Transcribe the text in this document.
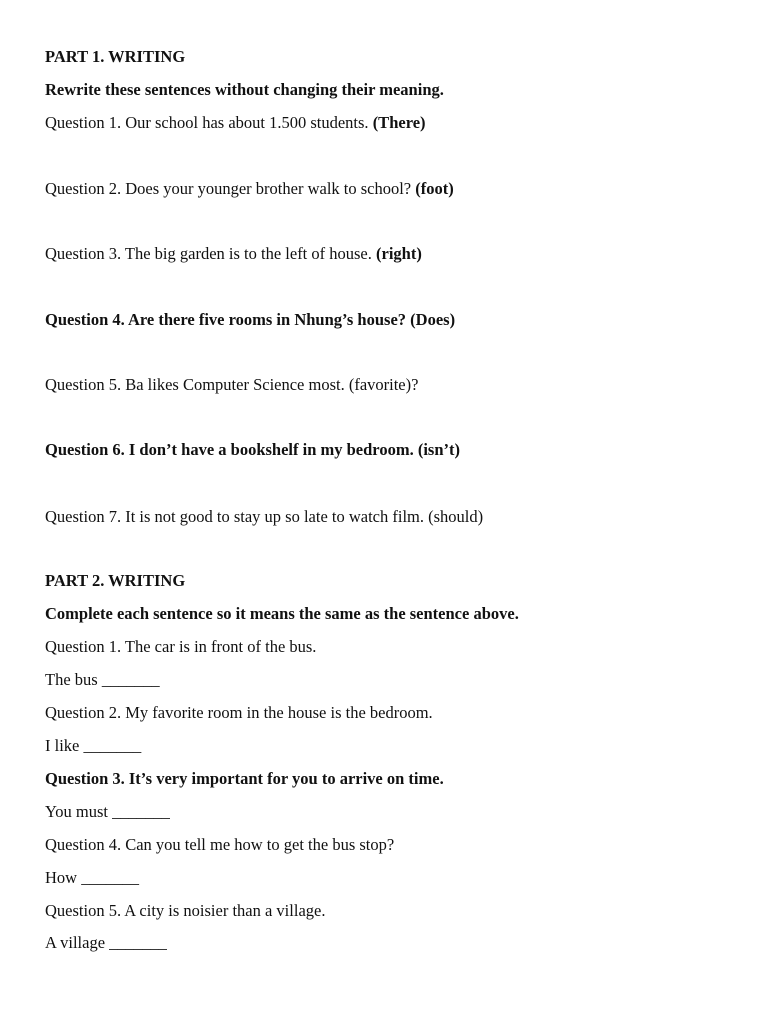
PART 1. WRITING

Rewrite these sentences without changing their meaning.

Question 1. Our school has about 1.500 students. (There)

Question 2. Does your younger brother walk to school? (foot)

Question 3. The big garden is to the left of house. (right)

Question 4. Are there five rooms in Nhung’s house? (Does)

Question 5. Ba likes Computer Science most. (favorite)?

Question 6. I don’t have a bookshelf in my bedroom. (isn’t)

Question 7. It is not good to stay up so late to watch film. (should)

PART 2. WRITING

Complete each sentence so it means the same as the sentence above.

Question 1. The car is in front of the bus.

The bus _______

Question 2. My favorite room in the house is the bedroom.

I like _______

Question 3. It’s very important for you to arrive on time.

You must _______

Question 4. Can you tell me how to get the bus stop?

How _______

Question 5. A city is noisier than a village.

A village _______
